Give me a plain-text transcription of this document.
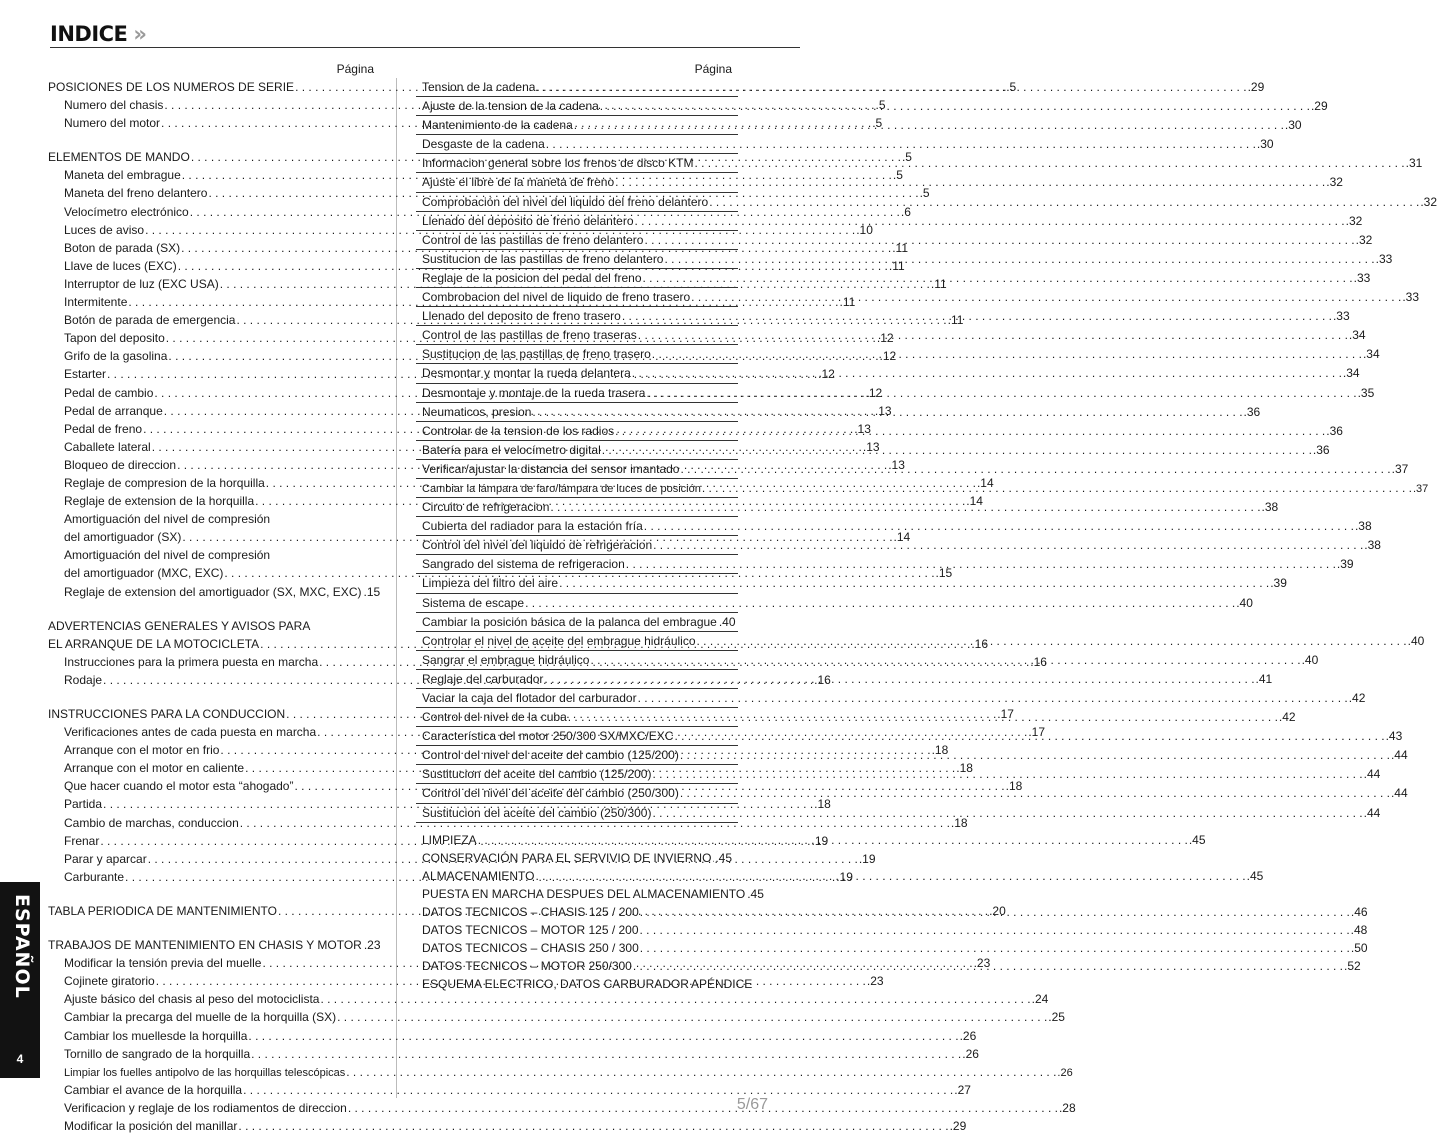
INDICE »
Página
POSICIONES DE LOS NUMEROS DE SERIE . . .	.5
Numero del chasis . . .	.5
Numero del motor . . .	.5
ELEMENTOS DE MANDO . . .	.5
Maneta del embrague . . .	.5
Maneta del freno delantero . . .	.5
Velocímetro electrónico . . .	.6
Luces de aviso . . .	.10
Boton de parada (SX) . . .	.11
Llave de luces (EXC) . . .	.11
Interruptor de luz (EXC USA) . . .	.11
Intermitente . . .	.11
Botón de parada de emergencia . . .	.11
Tapon del deposito . . .	.12
Grifo de la gasolina . . .	.12
Estarter . . .	.12
Pedal de cambio . . .	.12
Pedal de arranque . . .	.13
Pedal de freno . . .	.13
Caballete lateral . . .	.13
Bloqueo de direccion . . .	.13
Reglaje de compresion de la horquilla . . .	.14
Reglaje de extension de la horquilla . . .	.14
Amortiguación del nivel de compresión
del amortiguador (SX) . . .	.14
Amortiguación del nivel de compresión
del amortiguador (MXC, EXC) . . .	.15
Reglaje de extension del amortiguador (SX, MXC, EXC) .15
ADVERTENCIAS GENERALES Y AVISOS PARA
EL ARRANQUE DE LA MOTOCICLETA . . .	.16
Instrucciones para la primera puesta en marcha . . .	.16
Rodaje . . .	.16
INSTRUCCIONES PARA LA CONDUCCION . . .	.17
Verificaciones antes de cada puesta en marcha . . .	.17
Arranque con el motor en frio . . .	.18
Arranque con el motor en caliente . . .	.18
Que hacer cuando el motor esta “ahogado” . . .	.18
Partida . . .	.18
Cambio de marchas, conduccion . . .	.18
Frenar . . .	.19
Parar y aparcar . . .	.19
Carburante . . .	.19
TABLA PERIODICA DE MANTENIMIENTO . . .	.20
TRABAJOS DE MANTENIMIENTO EN CHASIS Y MOTOR .23
Modificar la tensión previa del muelle . . .	.23
Cojinete giratorio . . .	.23
Ajuste básico del chasis al peso del motociclista . . .	.24
Cambiar la precarga del muelle de la horquilla (SX) . . .	.25
Cambiar los muellesde la horquilla . . .	.26
Tornillo de sangrado de la horquilla . . .	.26
Limpiar los fuelles antipolvo de las horquillas telescópicas . . .	.26
Cambiar el avance de la horquilla . . .	.27
Verificacion y reglaje de los rodiamentos de direccion . . .	.28
Modificar la posición del manillar . . .	.29
Página
Tension de la cadena . . .	.29
Ajuste de la tension de la cadena . . .	.29
Mantenimiento de la cadena . . .	.30
Desgaste de la cadena . . .	.30
Informacion general sobre los frenos de disco KTM . . .	.31
Ajuste el libre de la maneta de freno . . .	.32
Comprobación del nivel del liquido del freno delantero . . .	.32
Llenado del deposito de freno delantero . . .	.32
Control de las pastillas de freno delantero . . .	.32
Sustitucion de las pastillas de freno delantero . . .	.33
Reglaje de la posicion del pedal del freno . . .	.33
Combrobacion del nivel de liquido de freno trasero . . .	.33
Llenado del deposito de freno trasero . . .	.33
Control de las pastillas de freno traseras . . .	.34
Sustitucion de las pastillas de freno trasero . . .	.34
Desmontar y montar la rueda delantera . . .	.34
Desmontaje y montaje de la rueda trasera . . .	.35
Neumaticos, presion . . .	.36
Controlar de la tension de los radios . . .	.36
Batería para el velocímetro digital . . .	.36
Verificar/ajustar la distancia del sensor imantado . . .	.37
Cambiar la lámpara de faro/lámpara de luces de posición . . .	.37
Circuito de refrigeracion . . .	.38
Cubierta del radiador para la estación fría . . .	.38
Control del nivel del liquido de refrigeracion . . .	.38
Sangrado del sistema de refrigeracion . . .	.39
Limpieza del filtro del aire . . .	.39
Sistema de escape . . .	.40
Cambiar la posición básica de la palanca del embrague .40
Controlar el nivel de aceite del embrague hidráulico . . .	.40
Sangrar el embrague hidráulico . . .	.40
Reglaje del carburador . . .	.41
Vaciar la caja del flotador del carburador . . .	.42
Control del nivel de la cuba . . .	.42
Característica del motor 250/300 SX/MXC/EXC . . .	.43
Control del nivel del aceite del cambio (125/200) . . .	.44
Sustitucion del aceite del cambio (125/200) . . .	.44
Control del nivel del aceite del cambio (250/300) . . .	.44
Sustitucion del aceite del cambio (250/300) . . .	.44
LIMPIEZA . . .	.45
CONSERVACIÓN PARA EL SERVIVIO DE INVIERNO . . . .45
ALMACENAMIENTO . . .	.45
PUESTA EN MARCHA DESPUES DEL ALMACENAMIENTO .45
DATOS TECNICOS – CHASIS 125 / 200 . . .	.46
DATOS TECNICOS – MOTOR 125 / 200 . . .	.48
DATOS TECNICOS – CHASIS 250 / 300 . . .	.50
DATOS TECNICOS – MOTOR 250/300 . . .	.52
ESQUEMA ELECTRICO, DATOS CARBURADOR APÉNDICE
ESPAÑOL
4
5/67
